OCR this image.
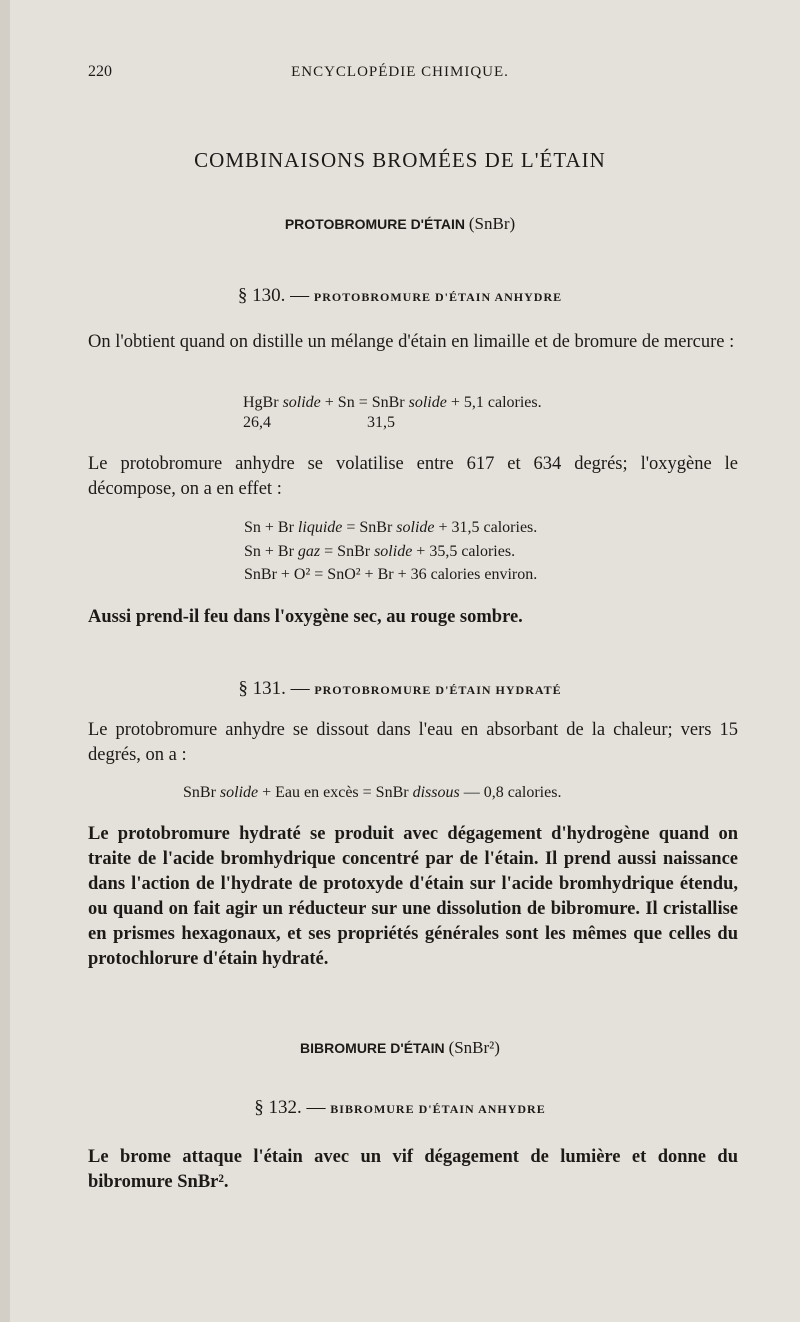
220	ENCYCLOPÉDIE CHIMIQUE.
COMBINAISONS BROMÉES DE L'ÉTAIN
PROTOBROMURE D'ÉTAIN (SnBr)
§ 130. — PROTOBROMURE D'ÉTAIN ANHYDRE
On l'obtient quand on distille un mélange d'étain en limaille et de bromure de mercure :
HgBr solide + Sn = SnBr solide + 5,1 calories.
26,4	31,5
Le protobromure anhydre se volatilise entre 617 et 634 degrés; l'oxygène le décompose, on a en effet :
Sn + Br liquide = SnBr solide + 31,5 calories.
Sn + Br gaz = SnBr solide + 35,5 calories.
SnBr + O² = SnO² + Br + 36 calories environ.
Aussi prend-il feu dans l'oxygène sec, au rouge sombre.
§ 131. — PROTOBROMURE D'ÉTAIN HYDRATÉ
Le protobromure anhydre se dissout dans l'eau en absorbant de la chaleur; vers 15 degrés, on a :
SnBr solide + Eau en excès = SnBr dissous — 0,8 calories.
Le protobromure hydraté se produit avec dégagement d'hydrogène quand on traite de l'acide bromhydrique concentré par de l'étain. Il prend aussi naissance dans l'action de l'hydrate de protoxyde d'étain sur l'acide bromhydrique étendu, ou quand on fait agir un réducteur sur une dissolution de bibromure. Il cristallise en prismes hexagonaux, et ses propriétés générales sont les mêmes que celles du protochlorure d'étain hydraté.
BIBROMURE D'ÉTAIN (SnBr²)
§ 132. — BIBROMURE D'ÉTAIN ANHYDRE
Le brome attaque l'étain avec un vif dégagement de lumière et donne du bibromure SnBr².
